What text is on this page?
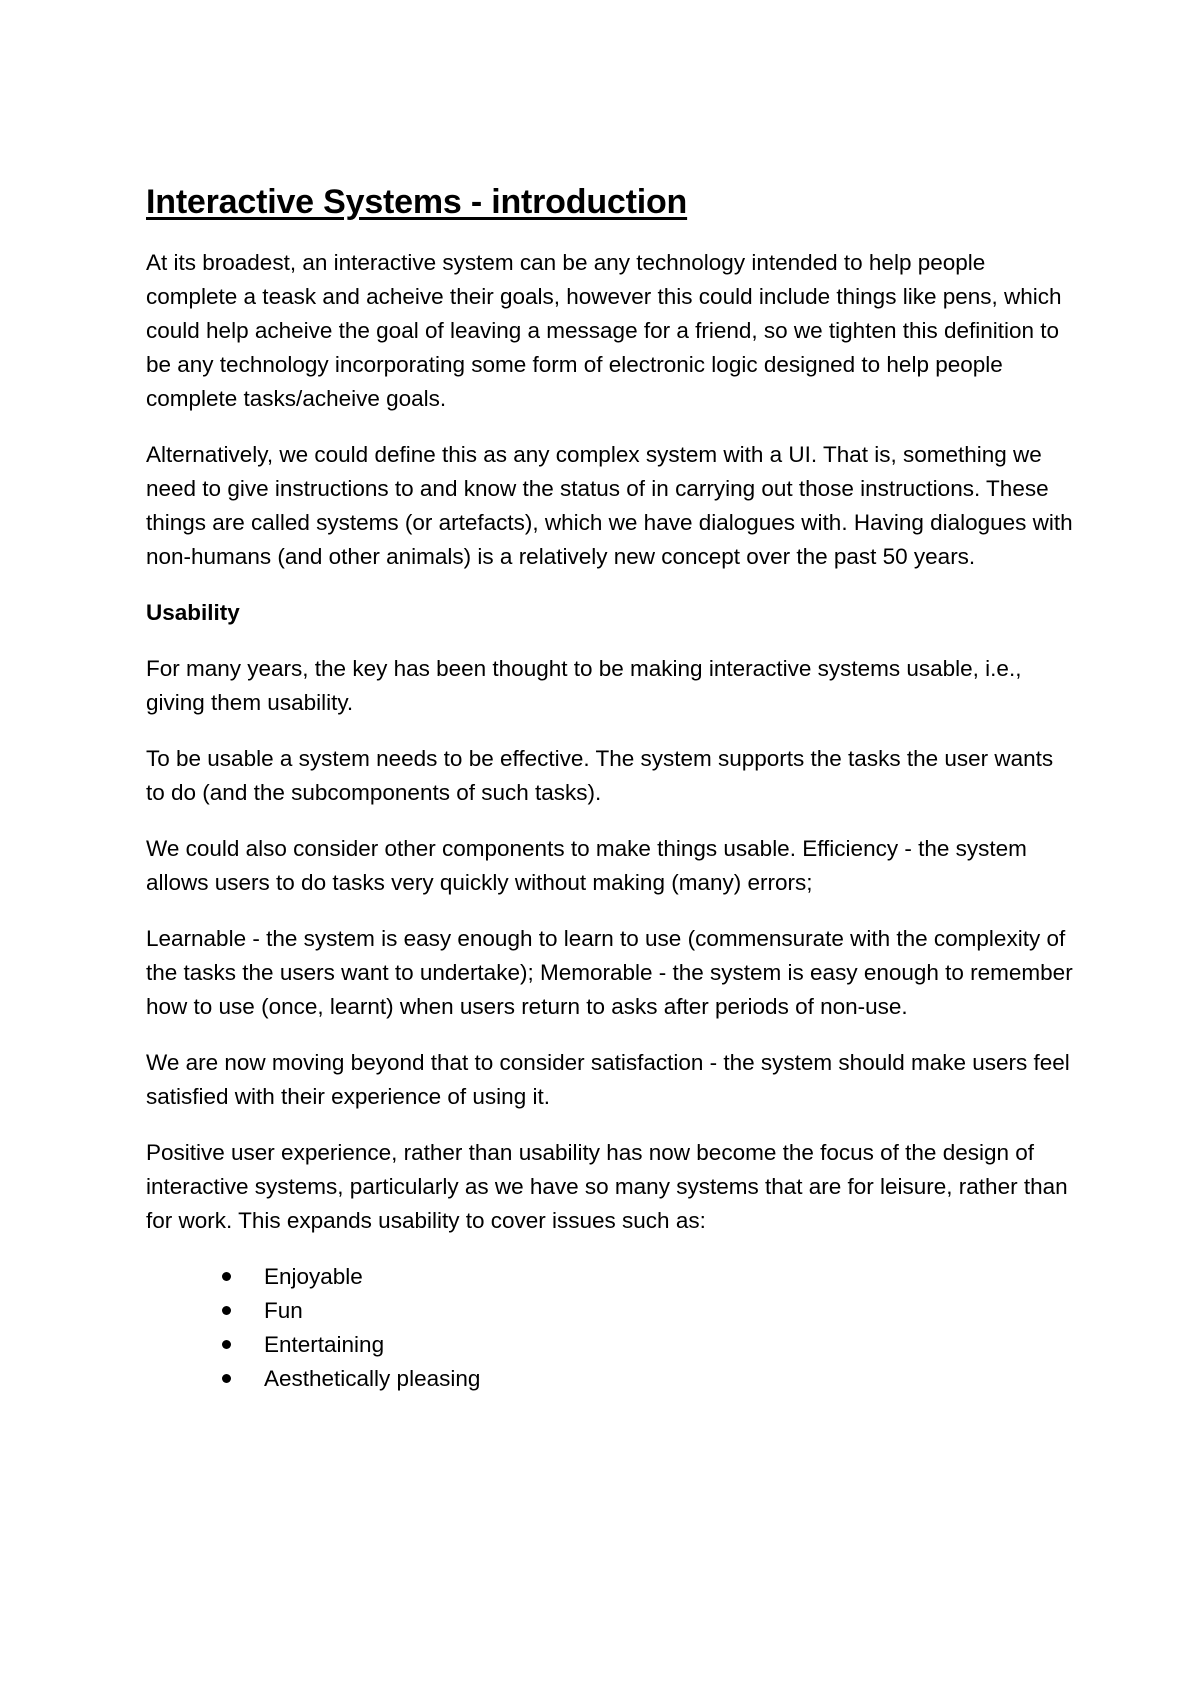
Interactive Systems - introduction

At its broadest, an interactive system can be any technology intended to help people complete a teask and acheive their goals, however this could include things like pens, which could help acheive the goal of leaving a message for a friend, so we tighten this definition to be any technology incorporating some form of electronic logic designed to help people complete tasks/acheive goals.

Alternatively, we could define this as any complex system with a UI. That is, something we need to give instructions to and know the status of in carrying out those instructions. These things are called systems (or artefacts), which we have dialogues with. Having dialogues with non-humans (and other animals) is a relatively new concept over the past 50 years.

Usability

For many years, the key has been thought to be making interactive systems usable, i.e., giving them usability.

To be usable a system needs to be effective. The system supports the tasks the user wants to do (and the subcomponents of such tasks).

We could also consider other components to make things usable. Efficiency - the system allows users to do tasks very quickly without making (many) errors;

Learnable - the system is easy enough to learn to use (commensurate with the complexity of the tasks the users want to undertake); Memorable - the system is easy enough to remember how to use (once, learnt) when users return to asks after periods of non-use.

We are now moving beyond that to consider satisfaction - the system should make users feel satisfied with their experience of using it.

Positive user experience, rather than usability has now become the focus of the design of interactive systems, particularly as we have so many systems that are for leisure, rather than for work. This expands usability to cover issues such as:

Enjoyable
Fun
Entertaining
Aesthetically pleasing
